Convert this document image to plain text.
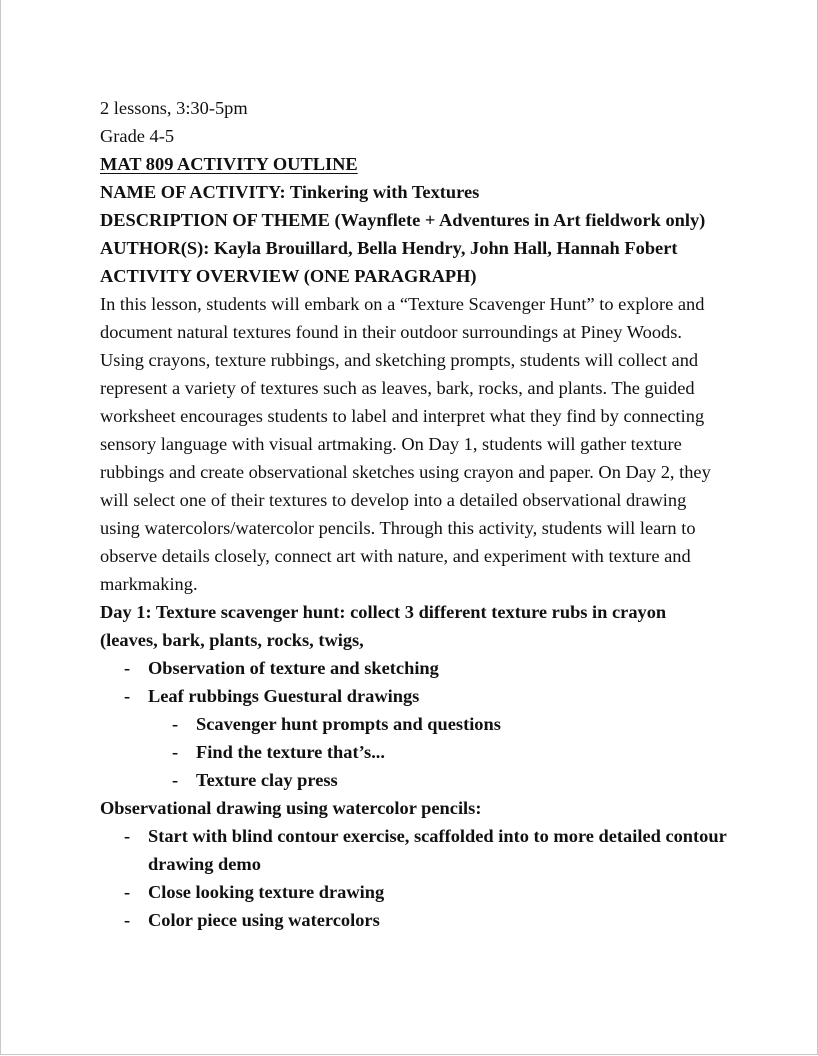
2 lessons, 3:30-5pm

Grade 4-5

MAT 809 ACTIVITY OUTLINE

NAME OF ACTIVITY: Tinkering with Textures

DESCRIPTION OF THEME (Waynflete + Adventures in Art fieldwork only)

AUTHOR(S): Kayla Brouillard, Bella Hendry, John Hall, Hannah Fobert

ACTIVITY OVERVIEW (ONE PARAGRAPH)

In this lesson, students will embark on a “Texture Scavenger Hunt” to explore and document natural textures found in their outdoor surroundings at Piney Woods. Using crayons, texture rubbings, and sketching prompts, students will collect and represent a variety of textures such as leaves, bark, rocks, and plants. The guided worksheet encourages students to label and interpret what they find by connecting sensory language with visual artmaking. On Day 1, students will gather texture rubbings and create observational sketches using crayon and paper. On Day 2, they will select one of their textures to develop into a detailed observational drawing using watercolors/watercolor pencils. Through this activity, students will learn to observe details closely, connect art with nature, and experiment with texture and markmaking.

Day 1: Texture scavenger hunt: collect 3 different texture rubs in crayon (leaves, bark, plants, rocks, twigs,

- Observation of texture and sketching
- Leaf rubbings Guestural drawings
- Scavenger hunt prompts and questions
- Find the texture that’s...
- Texture clay press

Observational drawing using watercolor pencils:

- Start with blind contour exercise, scaffolded into to more detailed contour drawing demo
- Close looking texture drawing
- Color piece using watercolors
